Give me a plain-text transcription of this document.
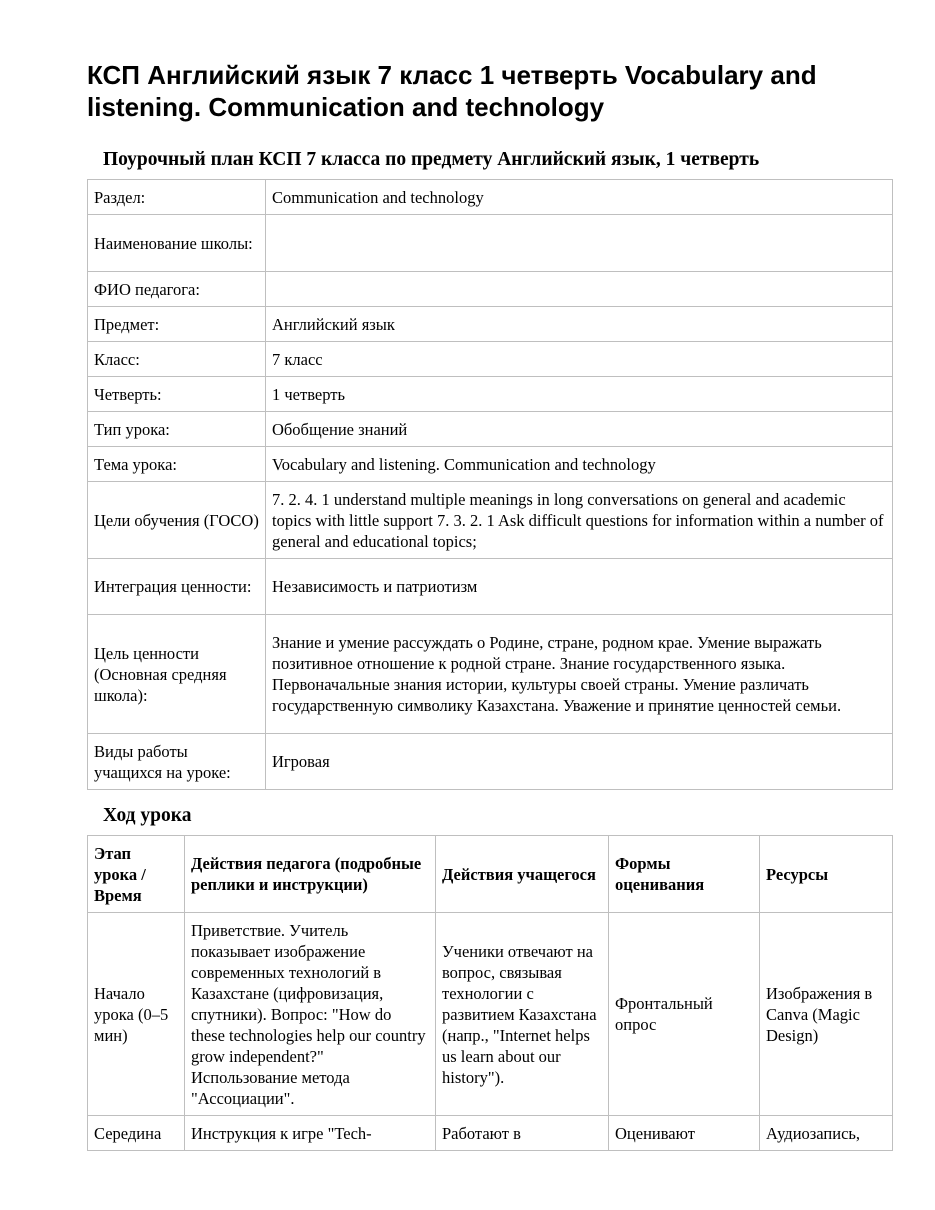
КСП Английский язык 7 класс 1 четверть Vocabulary and listening. Communication and technology
Поурочный план КСП 7 класса по предмету Английский язык, 1 четверть
Раздел:	Communication and technology
Наименование школы:	
ФИО педагога:	
Предмет:	Английский язык
Класс:	7 класс
Четверть:	1 четверть
Тип урока:	Обобщение знаний
Тема урока:	Vocabulary and listening. Communication and technology
Цели обучения (ГОСО)	7. 2. 4. 1 understand multiple meanings in long conversations on general and academic topics with little support 7. 3. 2. 1 Ask difficult questions for information within a number of general and educational topics;
Интеграция ценности:	Независимость и патриотизм
Цель ценности (Основная средняя школа):	Знание и умение рассуждать о Родине, стране, родном крае. Умение выражать позитивное отношение к родной стране. Знание государственного языка. Первоначальные знания истории, культуры своей страны. Умение различать государственную символику Казахстана. Уважение и принятие ценностей семьи.
Виды работы учащихся на уроке:	Игровая
Ход урока
Этап урока / Время	Действия педагога (подробные реплики и инструкции)	Действия учащегося	Формы оценивания	Ресурсы
Начало урока (0–5 мин)	Приветствие. Учитель показывает изображение современных технологий в Казахстане (цифровизация, спутники). Вопрос: "How do these technologies help our country grow independent?" Использование метода "Ассоциации".	Ученики отвечают на вопрос, связывая технологии с развитием Казахстана (напр., "Internet helps us learn about our history").	Фронтальный опрос	Изображения в Canva (Magic Design)
Середина	Инструкция к игре "Tech-	Работают в	Оценивают	Аудиозапись,
